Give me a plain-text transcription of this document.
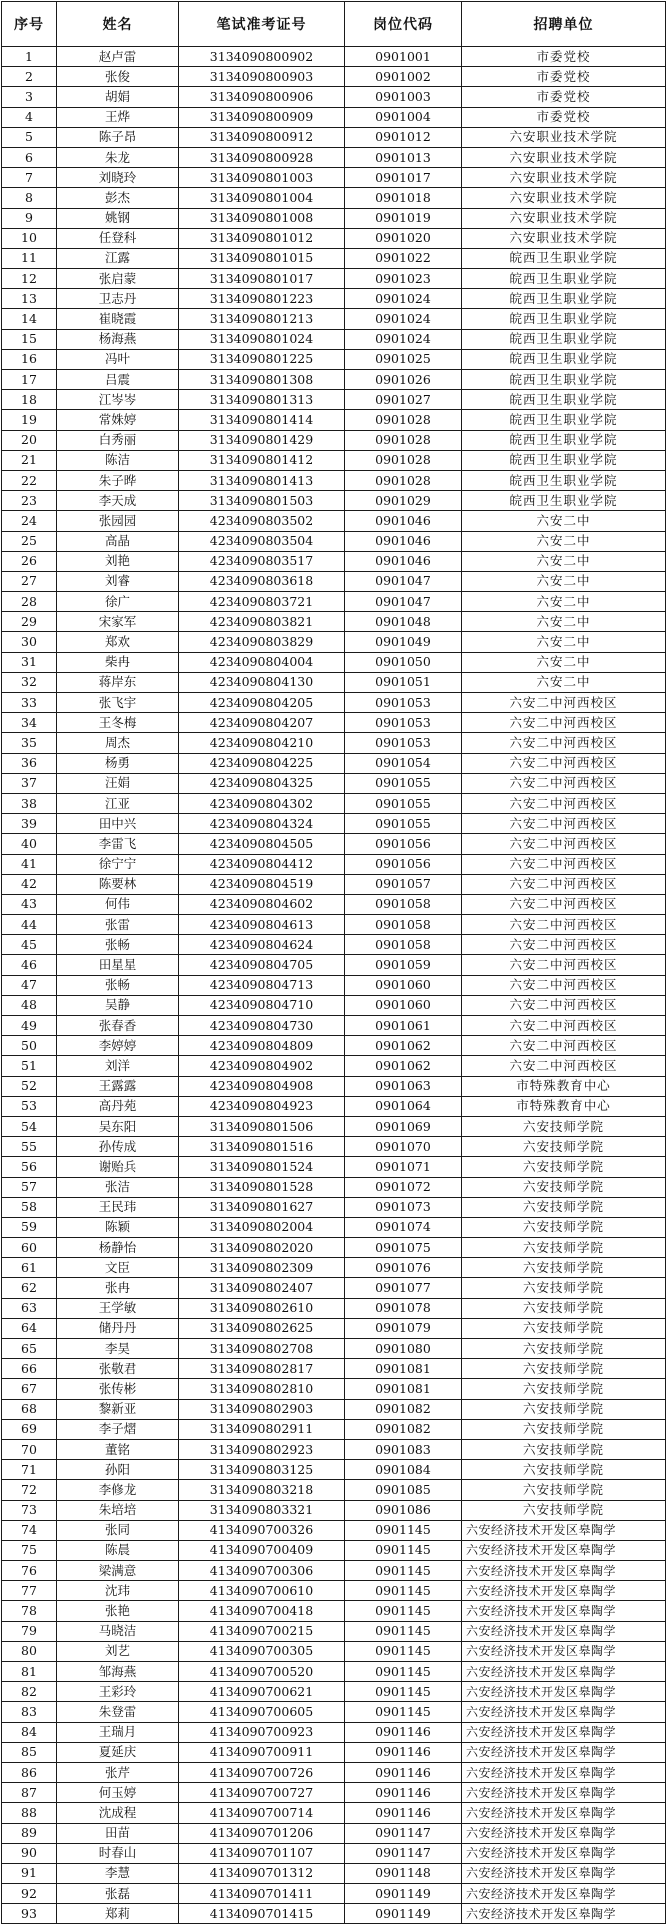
序号	姓名	笔试准考证号	岗位代码	招聘单位
1	赵卢雷	3134090800902	0901001	市委党校
2	张俊	3134090800903	0901002	市委党校
3	胡娟	3134090800906	0901003	市委党校
4	王烨	3134090800909	0901004	市委党校
5	陈子昂	3134090800912	0901012	六安职业技术学院
6	朱龙	3134090800928	0901013	六安职业技术学院
7	刘晓玲	3134090801003	0901017	六安职业技术学院
8	彭杰	3134090801004	0901018	六安职业技术学院
9	姚钢	3134090801008	0901019	六安职业技术学院
10	任登科	3134090801012	0901020	六安职业技术学院
11	江露	3134090801015	0901022	皖西卫生职业学院
12	张启蒙	3134090801017	0901023	皖西卫生职业学院
13	卫志丹	3134090801223	0901024	皖西卫生职业学院
14	崔晓霞	3134090801213	0901024	皖西卫生职业学院
15	杨海燕	3134090801024	0901024	皖西卫生职业学院
16	冯叶	3134090801225	0901025	皖西卫生职业学院
17	吕震	3134090801308	0901026	皖西卫生职业学院
18	江岑岑	3134090801313	0901027	皖西卫生职业学院
19	常姝婷	3134090801414	0901028	皖西卫生职业学院
20	白秀丽	3134090801429	0901028	皖西卫生职业学院
21	陈洁	3134090801412	0901028	皖西卫生职业学院
22	朱子晔	3134090801413	0901028	皖西卫生职业学院
23	李天成	3134090801503	0901029	皖西卫生职业学院
24	张园园	4234090803502	0901046	六安二中
25	高晶	4234090803504	0901046	六安二中
26	刘艳	4234090803517	0901046	六安二中
27	刘睿	4234090803618	0901047	六安二中
28	徐广	4234090803721	0901047	六安二中
29	宋家军	4234090803821	0901048	六安二中
30	郑欢	4234090803829	0901049	六安二中
31	柴冉	4234090804004	0901050	六安二中
32	蒋岸东	4234090804130	0901051	六安二中
33	张飞宇	4234090804205	0901053	六安二中河西校区
34	王冬梅	4234090804207	0901053	六安二中河西校区
35	周杰	4234090804210	0901053	六安二中河西校区
36	杨勇	4234090804225	0901054	六安二中河西校区
37	汪娟	4234090804325	0901055	六安二中河西校区
38	江亚	4234090804302	0901055	六安二中河西校区
39	田中兴	4234090804324	0901055	六安二中河西校区
40	李雷飞	4234090804505	0901056	六安二中河西校区
41	徐宁宁	4234090804412	0901056	六安二中河西校区
42	陈要林	4234090804519	0901057	六安二中河西校区
43	何伟	4234090804602	0901058	六安二中河西校区
44	张雷	4234090804613	0901058	六安二中河西校区
45	张畅	4234090804624	0901058	六安二中河西校区
46	田星星	4234090804705	0901059	六安二中河西校区
47	张畅	4234090804713	0901060	六安二中河西校区
48	吴静	4234090804710	0901060	六安二中河西校区
49	张春香	4234090804730	0901061	六安二中河西校区
50	李婷婷	4234090804809	0901062	六安二中河西校区
51	刘洋	4234090804902	0901062	六安二中河西校区
52	王露露	4234090804908	0901063	市特殊教育中心
53	高丹苑	4234090804923	0901064	市特殊教育中心
54	吴东阳	3134090801506	0901069	六安技师学院
55	孙传成	3134090801516	0901070	六安技师学院
56	谢贻兵	3134090801524	0901071	六安技师学院
57	张洁	3134090801528	0901072	六安技师学院
58	王民玮	3134090801627	0901073	六安技师学院
59	陈颖	3134090802004	0901074	六安技师学院
60	杨静怡	3134090802020	0901075	六安技师学院
61	文臣	3134090802309	0901076	六安技师学院
62	张冉	3134090802407	0901077	六安技师学院
63	王学敏	3134090802610	0901078	六安技师学院
64	储丹丹	3134090802625	0901079	六安技师学院
65	李昊	3134090802708	0901080	六安技师学院
66	张敬君	3134090802817	0901081	六安技师学院
67	张传彬	3134090802810	0901081	六安技师学院
68	黎新亚	3134090802903	0901082	六安技师学院
69	李子熠	3134090802911	0901082	六安技师学院
70	董铭	3134090802923	0901083	六安技师学院
71	孙阳	3134090803125	0901084	六安技师学院
72	李修龙	3134090803218	0901085	六安技师学院
73	朱培培	3134090803321	0901086	六安技师学院
74	张同	4134090700326	0901145	六安经济技术开发区皋陶学
75	陈晨	4134090700409	0901145	六安经济技术开发区皋陶学
76	梁满意	4134090700306	0901145	六安经济技术开发区皋陶学
77	沈玮	4134090700610	0901145	六安经济技术开发区皋陶学
78	张艳	4134090700418	0901145	六安经济技术开发区皋陶学
79	马晓洁	4134090700215	0901145	六安经济技术开发区皋陶学
80	刘艺	4134090700305	0901145	六安经济技术开发区皋陶学
81	邹海燕	4134090700520	0901145	六安经济技术开发区皋陶学
82	王彩玲	4134090700621	0901145	六安经济技术开发区皋陶学
83	朱登雷	4134090700605	0901145	六安经济技术开发区皋陶学
84	王瑞月	4134090700923	0901146	六安经济技术开发区皋陶学
85	夏延庆	4134090700911	0901146	六安经济技术开发区皋陶学
86	张芹	4134090700726	0901146	六安经济技术开发区皋陶学
87	何玉婷	4134090700727	0901146	六安经济技术开发区皋陶学
88	沈成程	4134090700714	0901146	六安经济技术开发区皋陶学
89	田苗	4134090701206	0901147	六安经济技术开发区皋陶学
90	时春山	4134090701107	0901147	六安经济技术开发区皋陶学
91	李慧	4134090701312	0901148	六安经济技术开发区皋陶学
92	张磊	4134090701411	0901149	六安经济技术开发区皋陶学
93	郑莉	4134090701415	0901149	六安经济技术开发区皋陶学
